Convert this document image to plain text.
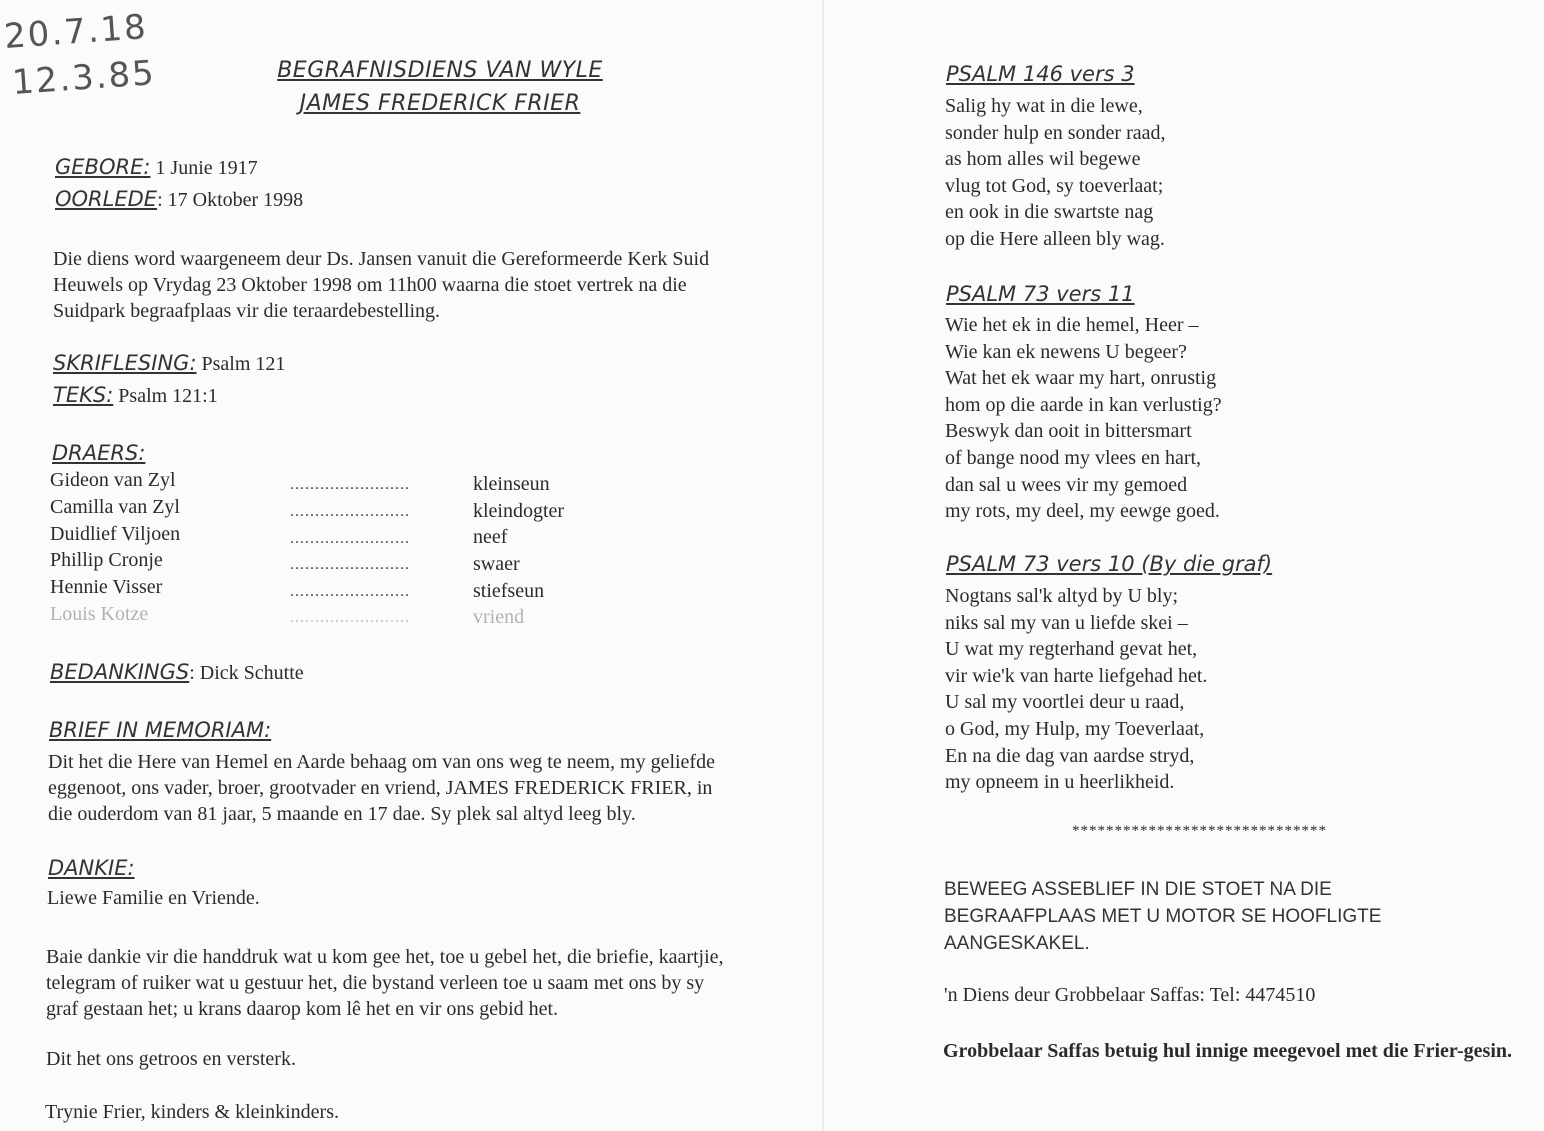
20.7.18
12.3.85	BEGRAFNISDIENS VAN WYLE
JAMES FREDERICK FRIER
GEBORE: 1 Junie 1917
OORLEDE: 17 Oktober 1998

Die diens word waargeneem deur Ds. Jansen vanuit die Gereformeerde Kerk Suid

Heuwels op Vrydag 23 Oktober 1998 om 11h00 waarna die stoet vertrek na die

Suidpark begraafplaas vir die teraardebestelling.

SKRIFLESING: Psalm 121
TEKS: Psalm 121:1
DRAERS:
Gideon van Zyl	........................	kleinseun
Camilla van Zyl	........................	kleindogter
Duidlief Viljoen	........................	neef
Phillip Cronje	........................	swaer
Hennie Visser	........................	stiefseun
Louis Kotze	........................	vriend
BEDANKINGS: Dick Schutte
BRIEF IN MEMORIAM:

Dit het die Here van Hemel en Aarde behaag om van ons weg te neem, my geliefde

eggenoot, ons vader, broer, grootvader en vriend, JAMES FREDERICK FRIER, in

die ouderdom van 81 jaar, 5 maande en 17 dae. Sy plek sal altyd leeg bly.

DANKIE:
Liewe Familie en Vriende.

Baie dankie vir die handdruk wat u kom gee het, toe u gebel het, die briefie, kaartjie,

telegram of ruiker wat u gestuur het, die bystand verleen toe u saam met ons by sy

graf gestaan het; u krans daarop kom lê het en vir ons gebid het.

Dit het ons getroos en versterk.
Trynie Frier, kinders & kleinkinders.
PSALM 146 vers 3

Salig hy wat in die lewe,

sonder hulp en sonder raad,

as hom alles wil begewe

vlug tot God, sy toeverlaat;

en ook in die swartste nag

op die Here alleen bly wag.

PSALM 73 vers 11

Wie het ek in die hemel, Heer –

Wie kan ek newens U begeer?

Wat het ek waar my hart, onrustig

hom op die aarde in kan verlustig?

Beswyk dan ooit in bittersmart

of bange nood my vlees en hart,

dan sal u wees vir my gemoed

my rots, my deel, my eewge goed.

PSALM 73 vers 10 (By die graf)

Nogtans sal'k altyd by U bly;

niks sal my van u liefde skei –

U wat my regterhand gevat het,

vir wie'k van harte liefgehad het.

U sal my voortlei deur u raad,

o God, my Hulp, my Toeverlaat,

En na die dag van aardse stryd,

my opneem in u heerlikheid.

******************************

BEWEEG ASSEBLIEF IN DIE STOET NA DIE

BEGRAAFPLAAS MET U MOTOR SE HOOFLIGTE

AANGESKAKEL.

'n Diens deur Grobbelaar Saffas: Tel: 4474510
Grobbelaar Saffas betuig hul innige meegevoel met die Frier-gesin.
